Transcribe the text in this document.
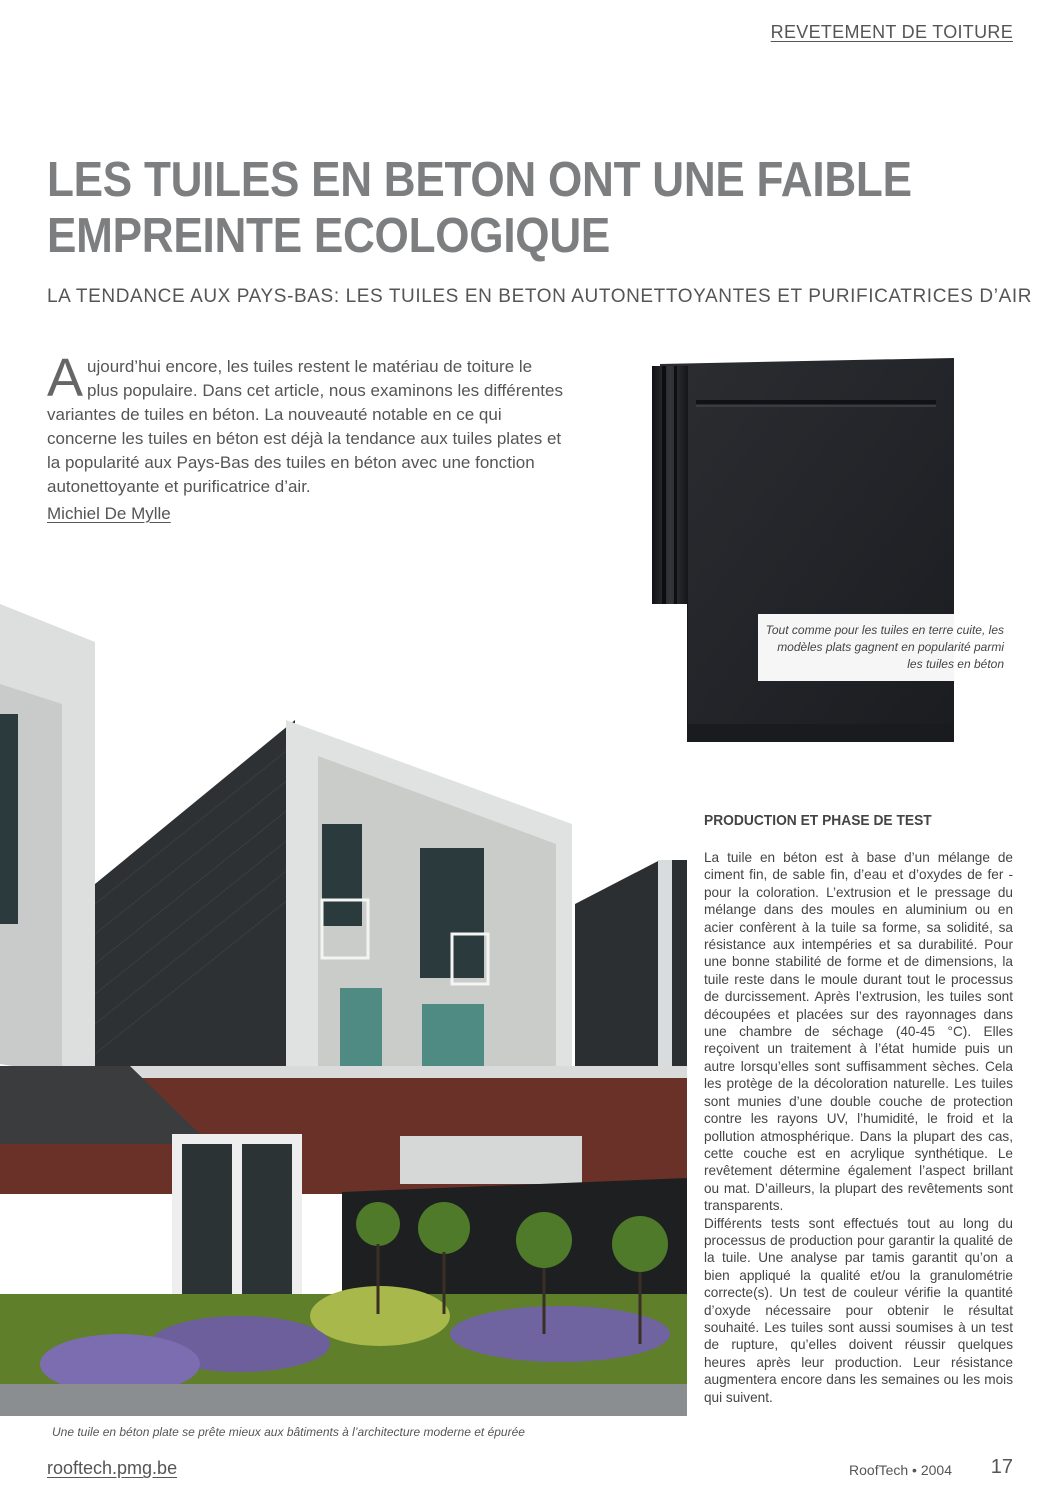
REVETEMENT DE TOITURE
LES TUILES EN BETON ONT UNE FAIBLE
EMPREINTE ECOLOGIQUE
LA TENDANCE AUX PAYS-BAS: LES TUILES EN BETON AUTONETTOYANTES ET PURIFICATRICES D’AIR
Aujourd’hui encore, les tuiles restent le matériau de toiture le plus populaire. Dans cet article, nous examinons les différentes variantes de tuiles en béton. La nouveauté notable en ce qui concerne les tuiles en béton est déjà la tendance aux tuiles plates et la popularité aux Pays-Bas des tuiles en béton avec une fonction autonettoyante et purificatrice d’air.
Michiel De Mylle
Tout comme pour les tuiles en terre cuite, les modèles plats gagnent en popularité parmi les tuiles en béton
Une tuile en béton plate se prête mieux aux bâtiments à l’architecture moderne et épurée
PRODUCTION ET PHASE DE TEST

La tuile en béton est à base d’un mélange de ciment fin, de sable fin, d’eau et d’oxydes de fer - pour la coloration. L’extrusion et le pressage du mélange dans des moules en aluminium ou en acier confèrent à la tuile sa forme, sa solidité, sa résistance aux intempéries et sa durabilité. Pour une bonne stabilité de forme et de dimensions, la tuile reste dans le moule durant tout le processus de durcissement. Après l’extrusion, les tuiles sont découpées et placées sur des rayonnages dans une chambre de séchage (40-45 °C). Elles reçoivent un traitement à l’état humide puis un autre lorsqu’elles sont suffisamment sèches. Cela les protège de la décoloration naturelle. Les tuiles sont munies d’une double couche de protection contre les rayons UV, l’humidité, le froid et la pollution atmosphérique. Dans la plupart des cas, cette couche est en acrylique synthétique. Le revêtement détermine également l’aspect brillant ou mat. D’ailleurs, la plupart des revêtements sont transparents.

Différents tests sont effectués tout au long du processus de production pour garantir la qualité de la tuile. Une analyse par tamis garantit qu’on a bien appliqué la qualité et/ou la granulométrie correcte(s). Un test de couleur vérifie la quantité d’oxyde nécessaire pour obtenir le résultat souhaité. Les tuiles sont aussi soumises à un test de rupture, qu’elles doivent réussir quelques heures après leur production. Leur résistance augmentera encore dans les semaines ou les mois qui suivent.

rooftech.pmg.be	RoofTech • 2004 17
